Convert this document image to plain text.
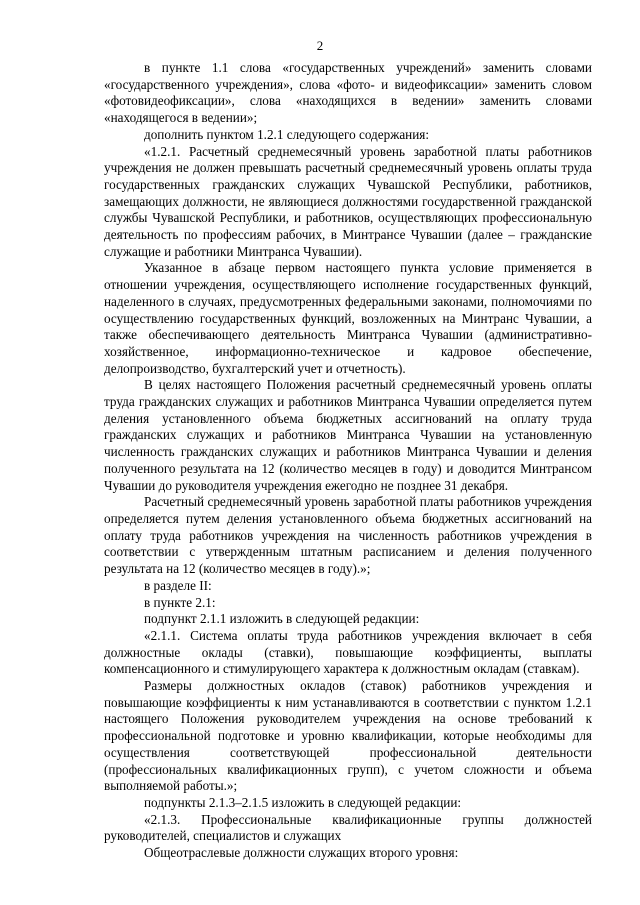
2

в пункте 1.1 слова «государственных учреждений» заменить словами «государственного учреждения», слова «фото- и видеофиксации» заменить словом «фотовидеофиксации», слова «находящихся в ведении» заменить словами «находящегося в ведении»;

дополнить пунктом 1.2.1 следующего содержания:

«1.2.1. Расчетный среднемесячный уровень заработной платы работников учреждения не должен превышать расчетный среднемесячный уровень оплаты труда государственных гражданских служащих Чувашской Республики, работников, замещающих должности, не являющиеся должностями государственной гражданской службы Чувашской Республики, и работников, осуществляющих профессиональную деятельность по профессиям рабочих, в Минтрансе Чувашии (далее – гражданские служащие и работники Минтранса Чувашии).

Указанное в абзаце первом настоящего пункта условие применяется в отношении учреждения, осуществляющего исполнение государственных функций, наделенного в случаях, предусмотренных федеральными законами, полномочиями по осуществлению государственных функций, возложенных на Минтранс Чувашии, а также обеспечивающего деятельность Минтранса Чувашии (административно-хозяйственное, информационно-техническое и кадровое обеспечение, делопроизводство, бухгалтерский учет и отчетность).

В целях настоящего Положения расчетный среднемесячный уровень оплаты труда гражданских служащих и работников Минтранса Чувашии определяется путем деления установленного объема бюджетных ассигнований на оплату труда гражданских служащих и работников Минтранса Чувашии на установленную численность гражданских служащих и работников Минтранса Чувашии и деления полученного результата на 12 (количество месяцев в году) и доводится Минтрансом Чувашии до руководителя учреждения ежегодно не позднее 31 декабря.

Расчетный среднемесячный уровень заработной платы работников учреждения определяется путем деления установленного объема бюджетных ассигнований на оплату труда работников учреждения на численность работников учреждения в соответствии с утвержденным штатным расписанием и деления полученного результата на 12 (количество месяцев в году).»;

в разделе II:

в пункте 2.1:

подпункт 2.1.1 изложить в следующей редакции:

«2.1.1. Система оплаты труда работников учреждения включает в себя должностные оклады (ставки), повышающие коэффициенты, выплаты компенсационного и стимулирующего характера к должностным окладам (ставкам).

Размеры должностных окладов (ставок) работников учреждения и повышающие коэффициенты к ним устанавливаются в соответствии с пунктом 1.2.1 настоящего Положения руководителем учреждения на основе требований к профессиональной подготовке и уровню квалификации, которые необходимы для осуществления соответствующей профессиональной деятельности (профессиональных квалификационных групп), с учетом сложности и объема выполняемой работы.»;

подпункты 2.1.3–2.1.5 изложить в следующей редакции:

«2.1.3. Профессиональные квалификационные группы должностей руководителей, специалистов и служащих

Общеотраслевые должности служащих второго уровня:
